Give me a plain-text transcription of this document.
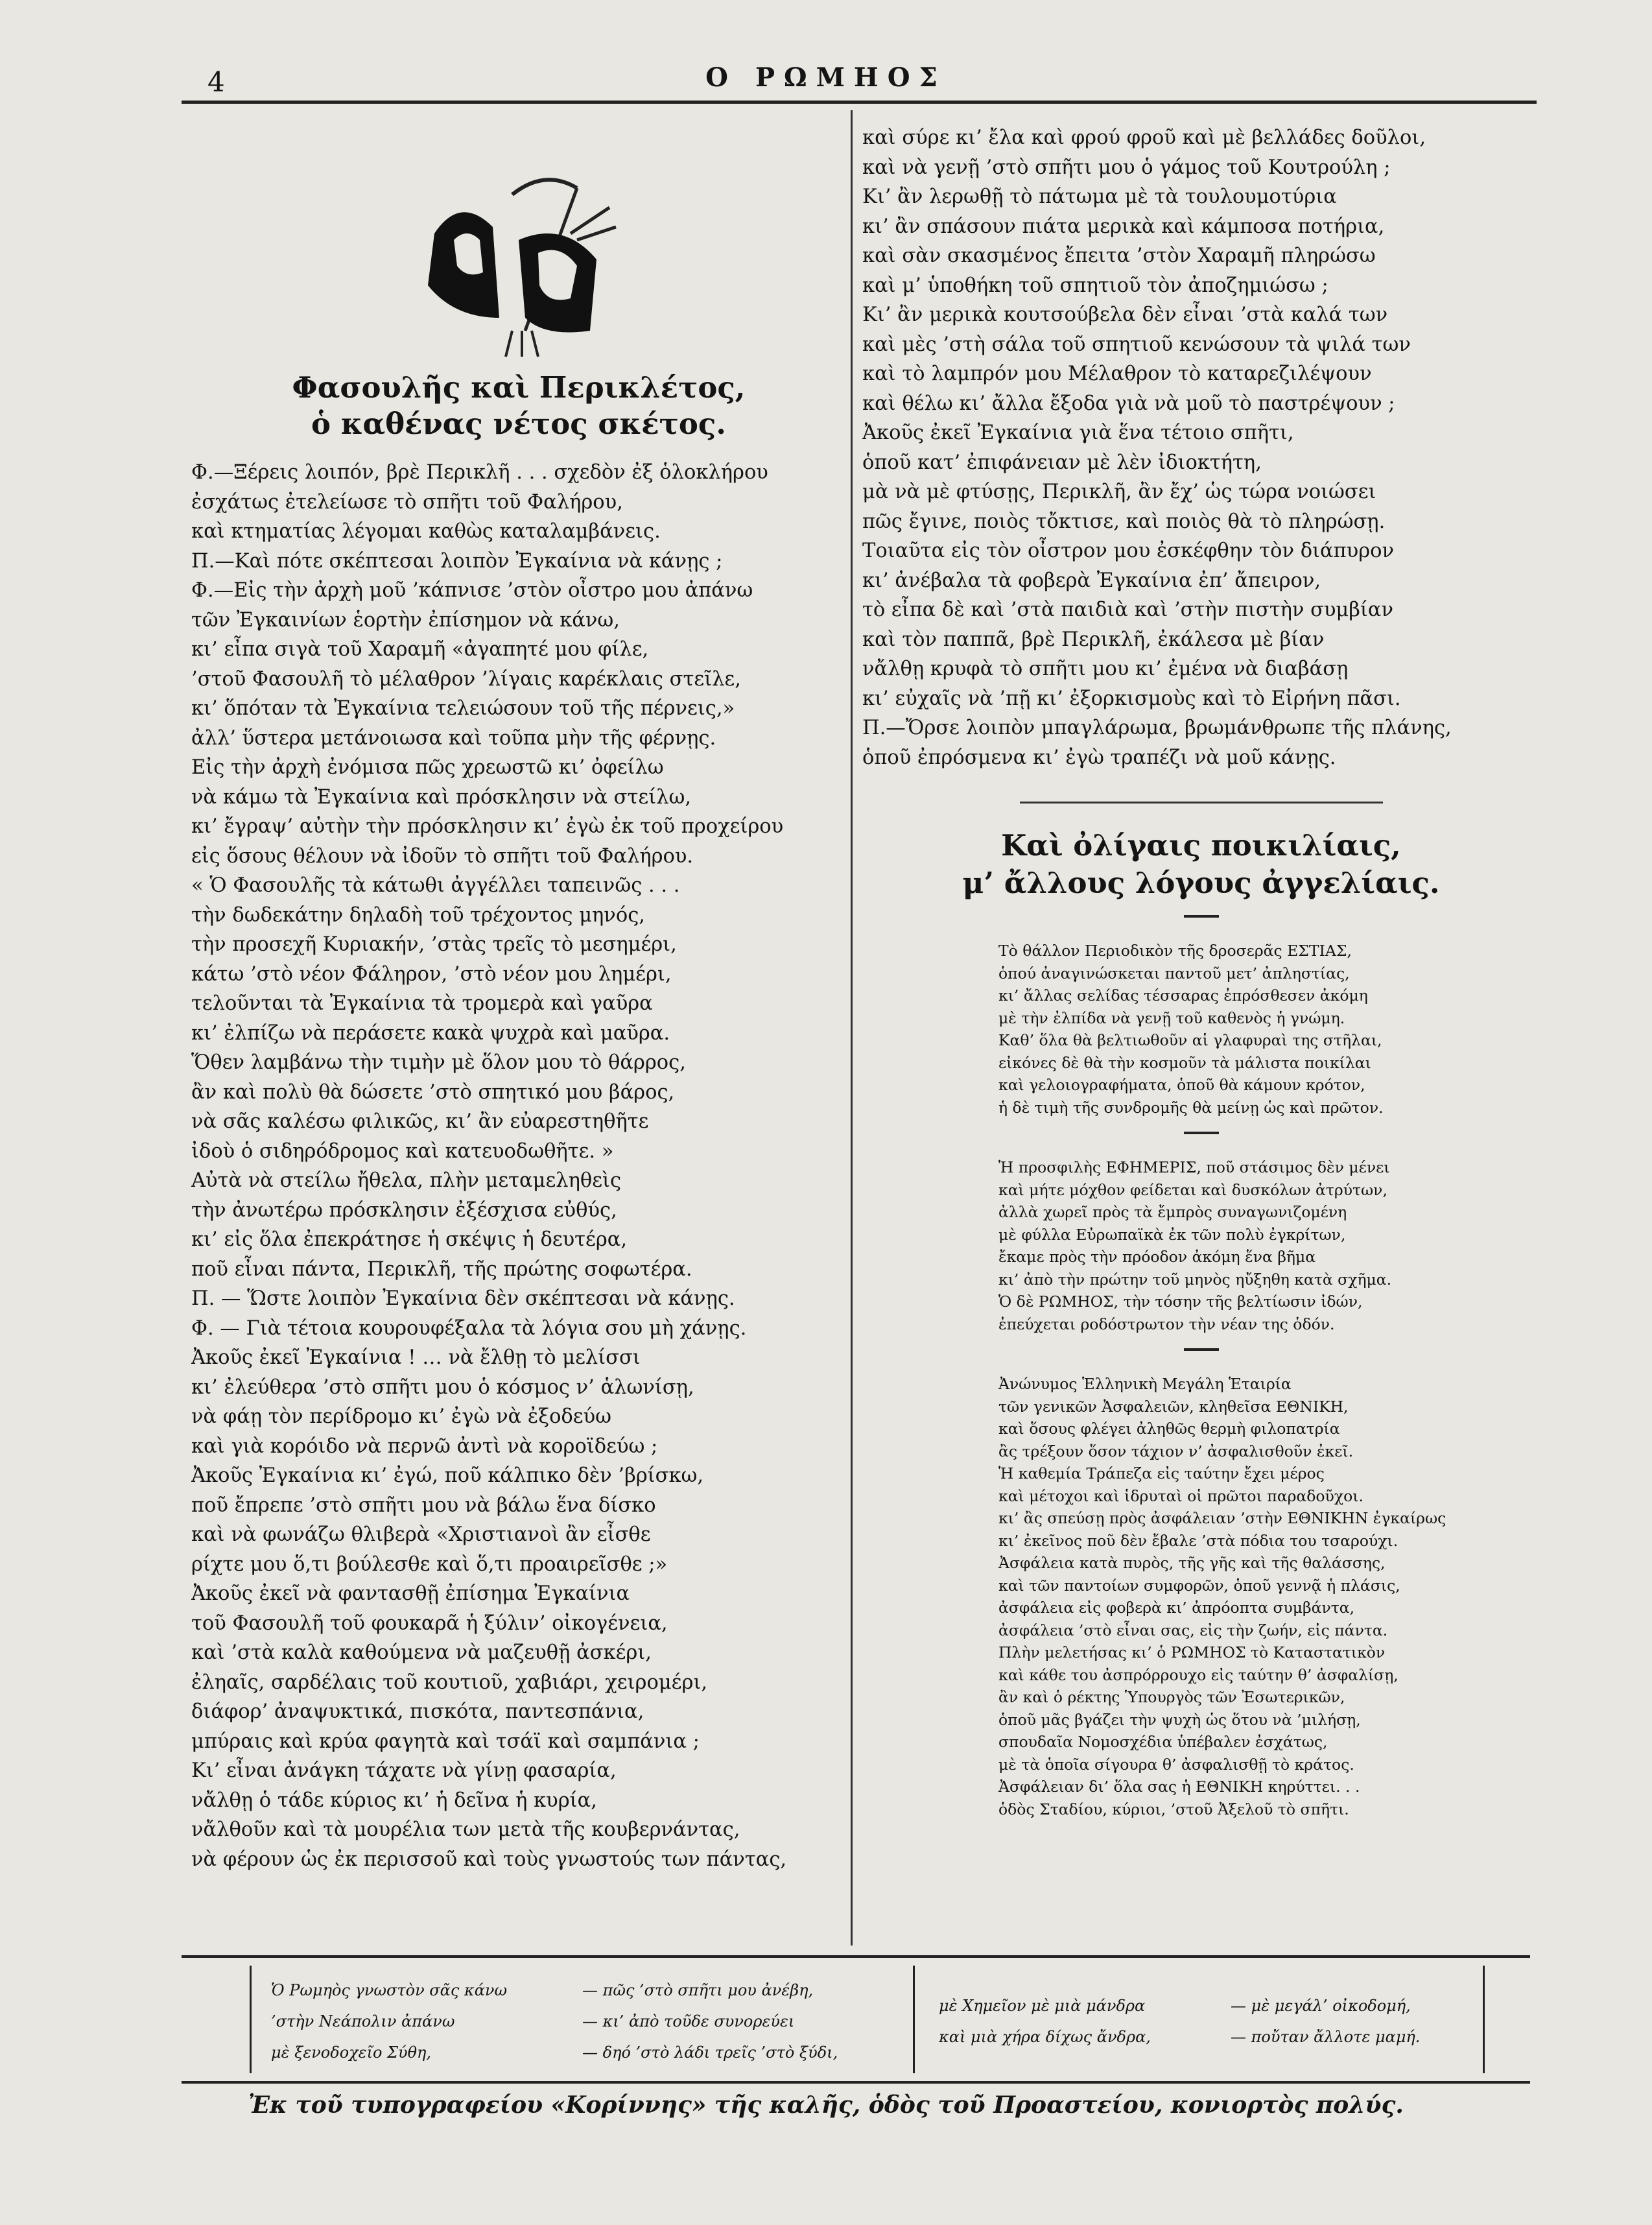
4	Ο ΡΩΜΗΟΣ
Φασουλῆς καὶ Περικλέτος,
ὁ καθένας νέτος σκέτος.
Φ.—Ξέρεις λοιπόν, βρὲ Περικλῆ . . . σχεδὸν ἐξ ὁλοκλήρου
ἐσχάτως ἐτελείωσε τὸ σπῆτι τοῦ Φαλήρου,
καὶ κτηματίας λέγομαι καθὼς καταλαμβάνεις.
Π.—Καὶ πότε σκέπτεσαι λοιπὸν Ἐγκαίνια νὰ κάνῃς ;
Φ.—Εἰς τὴν ἀρχὴ μοῦ ’κάπνισε ’στὸν οἶστρο μου ἀπάνω
τῶν Ἐγκαινίων ἑορτὴν ἐπίσημον νὰ κάνω,
κι’ εἶπα σιγὰ τοῦ Χαραμῆ «ἀγαπητέ μου φίλε,
’στοῦ Φασουλῆ τὸ μέλαθρον ’λίγαις καρέκλαις στεῖλε,
κι’ ὅπόταν τὰ Ἐγκαίνια τελειώσουν τοῦ τῆς πέρνεις,»
ἀλλ’ ὕστερα μετάνοιωσα καὶ τοῦπα μὴν τῆς φέρνῃς.
Εἰς τὴν ἀρχὴ ἐνόμισα πῶς χρεωστῶ κι’ ὀφείλω
νὰ κάμω τὰ Ἐγκαίνια καὶ πρόσκλησιν νὰ στείλω,
κι’ ἔγραψ’ αὐτὴν τὴν πρόσκλησιν κι’ ἐγὼ ἐκ τοῦ προχείρου
εἰς ὅσους θέλουν νὰ ἰδοῦν τὸ σπῆτι τοῦ Φαλήρου.
« Ὁ Φασουλῆς τὰ κάτωθι ἀγγέλλει ταπεινῶς . . .
τὴν δωδεκάτην δηλαδὴ τοῦ τρέχοντος μηνός,
τὴν προσεχῆ Κυριακήν, ’στὰς τρεῖς τὸ μεσημέρι,
κάτω ’στὸ νέον Φάληρον, ’στὸ νέον μου λημέρι,
τελοῦνται τὰ Ἐγκαίνια τὰ τρομερὰ καὶ γαῦρα
κι’ ἐλπίζω νὰ περάσετε κακὰ ψυχρὰ καὶ μαῦρα.
Ὅθεν λαμβάνω τὴν τιμὴν μὲ ὅλον μου τὸ θάρρος,
ἂν καὶ πολὺ θὰ δώσετε ’στὸ σπητικό μου βάρος,
νὰ σᾶς καλέσω φιλικῶς, κι’ ἂν εὐαρεστηθῆτε
ἰδοὺ ὁ σιδηρόδρομος καὶ κατευοδωθῆτε. »
Αὐτὰ νὰ στείλω ἤθελα, πλὴν μεταμεληθεὶς
τὴν ἀνωτέρω πρόσκλησιν ἐξέσχισα εὐθύς,
κι’ εἰς ὅλα ἐπεκράτησε ἡ σκέψις ἡ δευτέρα,
ποῦ εἶναι πάντα, Περικλῆ, τῆς πρώτης σοφωτέρα.
Π. — Ὥστε λοιπὸν Ἐγκαίνια δὲν σκέπτεσαι νὰ κάνῃς.
Φ. — Γιὰ τέτοια κουρουφέξαλα τὰ λόγια σου μὴ χάνῃς.
Ἀκοῦς ἐκεῖ Ἐγκαίνια ! … νὰ ἔλθῃ τὸ μελίσσι
κι’ ἐλεύθερα ’στὸ σπῆτι μου ὁ κόσμος ν’ ἁλωνίσῃ,
νὰ φάῃ τὸν περίδρομο κι’ ἐγὼ νὰ ἐξοδεύω
καὶ γιὰ κορόιδο νὰ περνῶ ἀντὶ νὰ κοροϊδεύω ;
Ἀκοῦς Ἐγκαίνια κι’ ἐγώ, ποῦ κάλπικο δὲν ’βρίσκω,
ποῦ ἔπρεπε ’στὸ σπῆτι μου νὰ βάλω ἕνα δίσκο
καὶ νὰ φωνάζω θλιβερὰ «Χριστιανοὶ ἂν εἶσθε
ρίχτε μου ὅ,τι βούλεσθε καὶ ὅ,τι προαιρεῖσθε ;»
Ἀκοῦς ἐκεῖ νὰ φαντασθῇ ἐπίσημα Ἐγκαίνια
τοῦ Φασουλῆ τοῦ φουκαρᾶ ἡ ξύλιν’ οἰκογένεια,
καὶ ’στὰ καλὰ καθούμενα νὰ μαζευθῇ ἀσκέρι,
ἐληαῖς, σαρδέλαις τοῦ κουτιοῦ, χαβιάρι, χειρομέρι,
διάφορ’ ἀναψυκτικά, πισκότα, παντεσπάνια,
μπύραις καὶ κρύα φαγητὰ καὶ τσάϊ καὶ σαμπάνια ;
Κι’ εἶναι ἀνάγκη τάχατε νὰ γίνῃ φασαρία,
νἄλθῃ ὁ τάδε κύριος κι’ ἡ δεῖνα ἡ κυρία,
νἄλθοῦν καὶ τὰ μουρέλια των μετὰ τῆς κουβερνάντας,
νὰ φέρουν ὡς ἐκ περισσοῦ καὶ τοὺς γνωστούς των πάντας,
καὶ σύρε κι’ ἔλα καὶ φρού φροῦ καὶ μὲ βελλάδες δοῦλοι,
καὶ νὰ γενῇ ’στὸ σπῆτι μου ὁ γάμος τοῦ Κουτρούλη ;
Κι’ ἂν λερωθῇ τὸ πάτωμα μὲ τὰ τουλουμοτύρια
κι’ ἂν σπάσουν πιάτα μερικὰ καὶ κάμποσα ποτήρια,
καὶ σὰν σκασμένος ἔπειτα ’στὸν Χαραμῆ πληρώσω
καὶ μ’ ὑποθήκη τοῦ σπητιοῦ τὸν ἀποζημιώσω ;
Κι’ ἂν μερικὰ κουτσούβελα δὲν εἶναι ’στὰ καλά των
καὶ μὲς ’στὴ σάλα τοῦ σπητιοῦ κενώσουν τὰ ψιλά των
καὶ τὸ λαμπρόν μου Μέλαθρον τὸ καταρεζιλέψουν
καὶ θέλω κι’ ἄλλα ἔξοδα γιὰ νὰ μοῦ τὸ παστρέψουν ;
Ἀκοῦς ἐκεῖ Ἐγκαίνια γιὰ ἕνα τέτοιο σπῆτι,
ὁποῦ κατ’ ἐπιφάνειαν μὲ λὲν ἰδιοκτήτη,
μὰ νὰ μὲ φτύσῃς, Περικλῆ, ἂν ἔχ’ ὡς τώρα νοιώσει
πῶς ἔγινε, ποιὸς τὄκτισε, καὶ ποιὸς θὰ τὸ πληρώσῃ.
Τοιαῦτα εἰς τὸν οἶστρον μου ἐσκέφθην τὸν διάπυρον
κι’ ἀνέβαλα τὰ φοβερὰ Ἐγκαίνια ἐπ’ ἄπειρον,
τὸ εἶπα δὲ καὶ ’στὰ παιδιὰ καὶ ’στὴν πιστὴν συμβίαν
καὶ τὸν παππᾶ, βρὲ Περικλῆ, ἐκάλεσα μὲ βίαν
νἄλθῃ κρυφὰ τὸ σπῆτι μου κι’ ἐμένα νὰ διαβάσῃ
κι’ εὐχαῖς νὰ ’πῇ κι’ ἐξορκισμοὺς καὶ τὸ Εἰρήνη πᾶσι.
Π.—Ὄρσε λοιπὸν μπαγλάρωμα, βρωμάνθρωπε τῆς πλάνης,
ὁποῦ ἐπρόσμενα κι’ ἐγὼ τραπέζι νὰ μοῦ κάνῃς.
Καὶ ὀλίγαις ποικιλίαις,
μ’ ἄλλους λόγους ἀγγελίαις.
Τὸ θάλλον Περιοδικὸν τῆς δροσερᾶς ΕΣΤΙΑΣ,
ὁπού ἀναγινώσκεται παντοῦ μετ’ ἀπληστίας,
κι’ ἄλλας σελίδας τέσσαρας ἐπρόσθεσεν ἀκόμη
μὲ τὴν ἐλπίδα νὰ γενῇ τοῦ καθενὸς ἡ γνώμη.
Καθ’ ὅλα θὰ βελτιωθοῦν αἱ γλαφυραὶ της στῆλαι,
εἰκόνες δὲ θὰ τὴν κοσμοῦν τὰ μάλιστα ποικίλαι
καὶ γελοιογραφήματα, ὁποῦ θὰ κάμουν κρότον,
ἡ δὲ τιμὴ τῆς συνδρομῆς θὰ μείνῃ ὡς καὶ πρῶτον.
Ἡ προσφιλὴς ΕΦΗΜΕΡΙΣ, ποῦ στάσιμος δὲν μένει
καὶ μήτε μόχθον φείδεται καὶ δυσκόλων ἀτρύτων,
ἀλλὰ χωρεῖ πρὸς τὰ ἔμπρὸς συναγωνιζομένη
μὲ φύλλα Εὐρωπαϊκὰ ἐκ τῶν πολὺ ἐγκρίτων,
ἔκαμε πρὸς τὴν πρόοδον ἀκόμη ἕνα βῆμα
κι’ ἀπὸ τὴν πρώτην τοῦ μηνὸς ηὔξηθη κατὰ σχῆμα.
Ὁ δὲ ΡΩΜΗΟΣ, τὴν τόσην τῆς βελτίωσιν ἰδών,
ἐπεύχεται ροδόστρωτον τὴν νέαν της ὁδόν.
Ἀνώνυμος Ἑλληνικὴ Μεγάλη Ἑταιρία
τῶν γενικῶν Ἀσφαλειῶν, κληθεῖσα ΕΘΝΙΚΗ,
καὶ ὅσους φλέγει ἀληθῶς θερμὴ φιλοπατρία
ἂς τρέξουν ὅσον τάχιον ν’ ἀσφαλισθοῦν ἐκεῖ.
Ἡ καθεμία Τράπεζα εἰς ταύτην ἔχει μέρος
καὶ μέτοχοι καὶ ἱδρυταὶ οἱ πρῶτοι παραδοῦχοι.
κι’ ἂς σπεύσῃ πρὸς ἀσφάλειαν ’στὴν ΕΘΝΙΚΗΝ ἐγκαίρως
κι’ ἐκεῖνος ποῦ δὲν ἔβαλε ’στὰ πόδια του τσαρούχι.
Ἀσφάλεια κατὰ πυρὸς, τῆς γῆς καὶ τῆς θαλάσσης,
καὶ τῶν παντοίων συμφορῶν, ὁποῦ γεννᾷ ἡ πλάσις,
ἀσφάλεια εἰς φοβερὰ κι’ ἀπρόοπτα συμβάντα,
ἀσφάλεια ’στὸ εἶναι σας, εἰς τὴν ζωήν, εἰς πάντα.
Πλὴν μελετήσας κι’ ὁ ΡΩΜΗΟΣ τὸ Καταστατικὸν
καὶ κάθε του ἀσπρόρρουχο εἰς ταύτην θ’ ἀσφαλίσῃ,
ἂν καὶ ὁ ρέκτης Ὑπουργὸς τῶν Ἐσωτερικῶν,
ὁποῦ μᾶς βγάζει τὴν ψυχὴ ὡς ὅτου νὰ ’μιλήσῃ,
σπουδαῖα Νομοσχέδια ὑπέβαλεν ἐσχάτως,
μὲ τὰ ὁποῖα σίγουρα θ’ ἀσφαλισθῇ τὸ κράτος.
Ἀσφάλειαν δι’ ὅλα σας ἡ ΕΘΝΙΚΗ κηρύττει. . .
ὁδὸς Σταδίου, κύριοι, ’στοῦ Ἀξελοῦ τὸ σπῆτι.
Ὁ Ρωμηὸς γνωστὸν σᾶς κάνω	— πῶς ’στὸ σπῆτι μου ἀνέβη,
’στὴν Νεάπολιν ἀπάνω	— κι’ ἀπὸ τοῦδε συνορεύει
μὲ ξενοδοχεῖο Σύθη,	— δηό ’στὸ λάδι τρεῖς ’στὸ ξύδι,
μὲ Χημεῖον μὲ μιὰ μάνδρα	— μὲ μεγάλ’ οἰκοδομή,
καὶ μιὰ χήρα δίχως ἄνδρα,	— ποὔταν ἄλλοτε μαμή.
Ἐκ τοῦ τυπογραφείου «Κορίννης» τῆς καλῆς, ὁδὸς τοῦ Προαστείου, κονιορτὸς πολύς.
